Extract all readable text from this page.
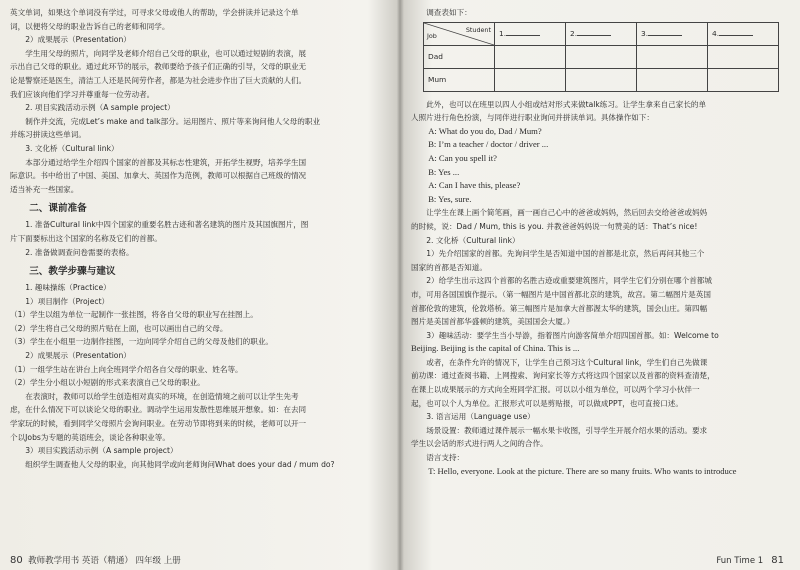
英文单词，如果这个单词没有学过，可寻求父母或他人的帮助，学会拼读并记录这个单

词，以便将父母的职业告诉自己的老师和同学。

2）成果展示（Presentation）

学生用父母的照片，向同学及老师介绍自己父母的职业，也可以通过短剧的表演，展

示出自己父母的职业。通过此环节的展示，教师要给予孩子们正确的引导，父母的职业无

论是警察还是医生，清洁工人还是民间劳作者，都是为社会进步作出了巨大贡献的人们。

我们应该向他们学习并尊重每一位劳动者。

2. 项目实践活动示例（A sample project）

制作并交流，完成Let’s make and talk部分。运用图片、照片等来询问他人父母的职业

并练习拼读这些单词。

3. 文化桥（Cultural link）

本部分通过给学生介绍四个国家的首都及其标志性建筑，开拓学生视野，培养学生国

际意识。书中给出了中国、美国、加拿大、英国作为范例，教师可以根据自己班级的情况

适当补充一些国家。

二、课前准备

1. 准备Cultural link中四个国家的重要名胜古迹和著名建筑的图片及其国旗图片，图

片下面要标出这个国家的名称及它们的首都。

2. 准备做调查问卷需要的表格。

三、教学步骤与建议

1. 趣味操练（Practice）

1）项目制作（Project）

（1）学生以组为单位一起制作一张挂图，将各自父母的职业写在挂图上。

（2）学生将自己父母的照片贴在上面，也可以画出自己的父母。

（3）学生在小组里一边制作挂图，一边向同学介绍自己的父母及他们的职业。

2）成果展示（Presentation）

（1）一组学生站在讲台上向全班同学介绍各自父母的职业、姓名等。

（2）学生分小组以小短剧的形式来表演自己父母的职业。

在表演时，教师可以给学生创造相对真实的环境，在创造情境之前可以让学生先考

虑，在什么情况下可以谈论父母的职业。调动学生运用发散性思维展开想象。如：在去同

学家玩的时候，看到同学父母照片会询问职业。在劳动节即将到来的时候，老师可以开一

个以Jobs为专题的英语班会，谈论各种职业等。

3）项目实践活动示例（A sample project）

组织学生调查他人父母的职业，向其他同学或向老师询问What does your dad / mum do?

80 教师教学用书 英语（精通） 四年级 上册

调查表如下：

Student
Job	1.	2.	3.	4.
Dad				
Mum				

此外，也可以在班里以四人小组或结对形式来做talk练习。让学生拿来自己家长的单

人照片进行角色扮演，与同伴进行职业询问并拼读单词。具体操作如下：

A: What do you do, Dad / Mum?

B: I’m a teacher / doctor / driver ...

A: Can you spell it?

B: Yes ...

A: Can I have this, please?

B: Yes, sure.

让学生在课上画个简笔画，画一画自己心中的爸爸或妈妈，然后回去交给爸爸或妈妈

的时候，说：Dad / Mum, this is you. 并教爸爸妈妈说一句赞美的话：That’s nice!

2. 文化桥（Cultural link）

1）先介绍国家的首都。先询问学生是否知道中国的首都是北京，然后再问其他三个

国家的首都是否知道。

2）给学生出示这四个首都的名胜古迹或重要建筑图片，同学生它们分别在哪个首都城

市，可用各国国旗作提示。（第一幅图片是中国首都北京的建筑，故宫。第二幅图片是英国

首都伦敦的建筑，伦敦塔桥。第三幅图片是加拿大首都渥太华的建筑，国会山庄。第四幅

图片是美国首都华盛顿的建筑，美国国会大厦。）

3）趣味活动：要学生当小导游，指着图片向游客简单介绍四国首都。如：Welcome to

Beijing. Beijing is the capital of China. This is ...

或者，在条件允许的情况下，让学生自己预习这个Cultural link，学生们自己先做课

前功课：通过查阅书籍、上网搜索、询问家长等方式将这四个国家以及首都的资料查清楚，

在课上以成果展示的方式向全班同学汇报。可以以小组为单位，可以两个学习小伙伴一

起，也可以个人为单位。汇报形式可以是剪贴报，可以做成PPT，也可直接口述。

3. 语言运用（Language use）

场景设置：教师通过课件展示一幅水果卡收图，引导学生开展介绍水果的活动。要求

学生以会话的形式进行两人之间的合作。

语言支持：

T: Hello, everyone. Look at the picture. There are so many fruits. Who wants to introduce

Fun Time 1 81
